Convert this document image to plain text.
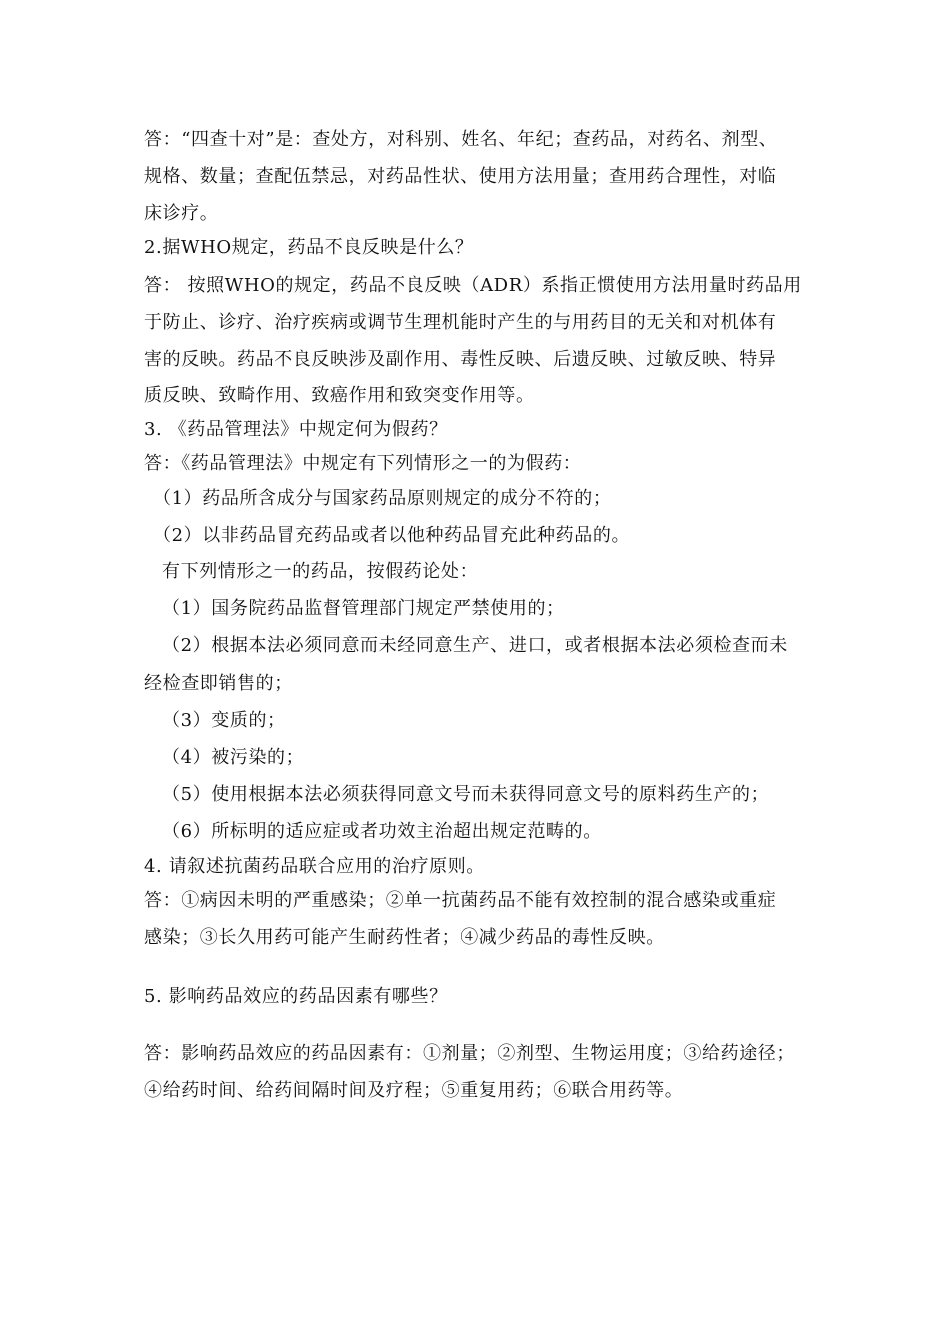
答：“四查十对”是：查处方，对科别、姓名、年纪；查药品，对药名、剂型、
规格、数量；查配伍禁忌，对药品性状、使用方法用量；查用药合理性，对临
床诊疗。
2.据WHO规定，药品不良反映是什么？
答： 按照WHO的规定，药品不良反映（ADR）系指正惯使用方法用量时药品用
于防止、诊疗、治疗疾病或调节生理机能时产生的与用药目的无关和对机体有
害的反映。药品不良反映涉及副作用、毒性反映、后遗反映、过敏反映、特异
质反映、致畸作用、致癌作用和致突变作用等。
3. 《药品管理法》中规定何为假药？
答：《药品管理法》中规定有下列情形之一的为假药：
（1）药品所含成分与国家药品原则规定的成分不符的；
（2）以非药品冒充药品或者以他种药品冒充此种药品的。
有下列情形之一的药品，按假药论处：
（1）国务院药品监督管理部门规定严禁使用的；
（2）根据本法必须同意而未经同意生产、进口，或者根据本法必须检查而未
经检查即销售的；
（3）变质的；
（4）被污染的；
（5）使用根据本法必须获得同意文号而未获得同意文号的原料药生产的；
（6）所标明的适应症或者功效主治超出规定范畴的。
4. 请叙述抗菌药品联合应用的治疗原则。
答：①病因未明的严重感染；②单一抗菌药品不能有效控制的混合感染或重症
感染；③长久用药可能产生耐药性者；④减少药品的毒性反映。
5. 影响药品效应的药品因素有哪些？
答：影响药品效应的药品因素有：①剂量；②剂型、生物运用度；③给药途径；
④给药时间、给药间隔时间及疗程；⑤重复用药；⑥联合用药等。
